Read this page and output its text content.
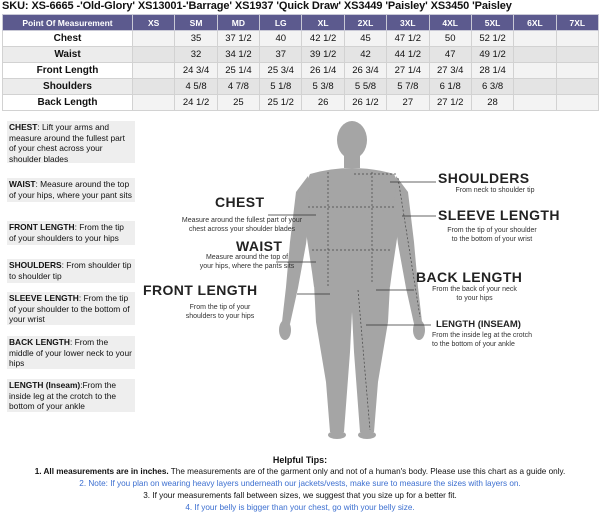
SKU: XS-6665 -'Old-Glory' XS13001-'Barrage' XS1937 'Quick Draw' XS3449 'Paisley' XS3450 'Paisley
Point Of Measurement	XS	SM	MD	LG	XL	2XL	3XL	4XL	5XL	6XL	7XL
Chest		35	37 1/2	40	42 1/2	45	47 1/2	50	52 1/2		
Waist		32	34 1/2	37	39 1/2	42	44 1/2	47	49 1/2		
Front Length		24 3/4	25 1/4	25 3/4	26 1/4	26 3/4	27 1/4	27 3/4	28 1/4		
Shoulders		4 5/8	4 7/8	5 1/8	5 3/8	5 5/8	5 7/8	6 1/8	6 3/8		
Back Length		24 1/2	25	25 1/2	26	26 1/2	27	27 1/2	28		
CHEST: Lift your arms and measure around the fullest part of your chest across your shoulder blades
WAIST: Measure around the top of your hips, where your pant sits
FRONT LENGTH: From the tip of your shoulders to your hips
SHOULDERS: From shoulder tip to shoulder tip
SLEEVE LENGTH: From the tip of your shoulder to the bottom of your wrist
BACK LENGTH: From the middle of your lower neck to your hips
LENGTH (Inseam):From the inside leg at the crotch to the bottom of your ankle
CHEST
Measure around the fullest part of your
chest across your shoulder blades
WAIST
Measure around the top of
your hips, where the pants sits
FRONT LENGTH
From the tip of your
shoulders to your hips
SHOULDERS
From neck to shoulder tip
SLEEVE LENGTH
From the tip of your shoulder
to the bottom of your wrist
BACK LENGTH
From the back of your neck
to your hips
LENGTH (INSEAM)
From the inside leg at the crotch
to the bottom of your ankle
Helpful Tips:
1. All measurements are in inches. The measurements are of the garment only and not of a human's body. Please use this chart as a guide only.
2. Note: If you plan on wearing heavy layers underneath our jackets/vests, make sure to measure the sizes with layers on.
3. If your measurements fall between sizes, we suggest that you size up for a better fit.
4. If your belly is bigger than your chest, go with your belly size.
